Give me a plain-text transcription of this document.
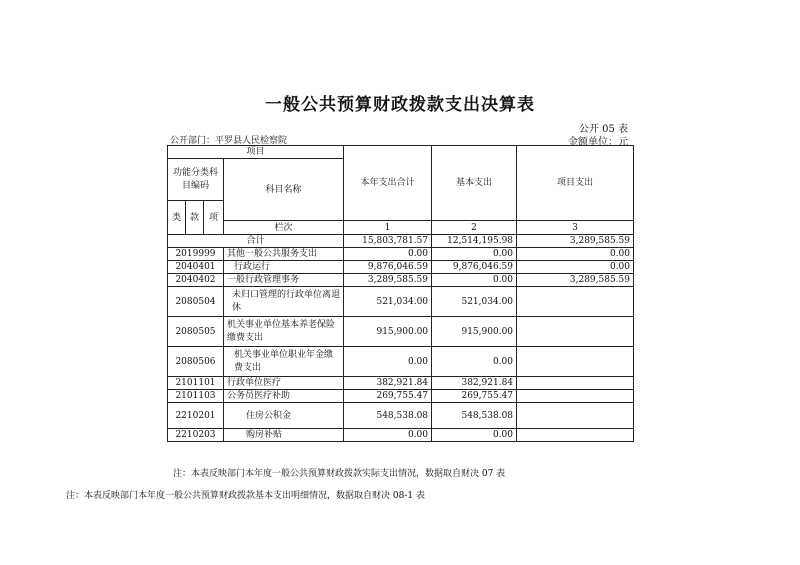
一般公共预算财政拨款支出决算表
公开 05 表
公开部门：平罗县人民检察院	金额单位：元
项目				本年支出合计	基本支出	项目支出
功能分类科目编码			科目名称			
类	款	项				
			栏次	1	2	3
合计				15,803,781.57	12,514,195.98	3,289,585.59
2019999			其他一般公共服务支出	0.00	0.00	0.00
2040401			行政运行	9,876,046.59	9,876,046.59	0.00
2040402			一般行政管理事务	3,289,585.59	0.00	3,289,585.59
2080504			未归口管理的行政单位离退休	521,034.00	521,034.00	
2080505			机关事业单位基本养老保险缴费支出	915,900.00	915,900.00	
2080506			机关事业单位职业年金缴费支出	0.00	0.00	
2101101			行政单位医疗	382,921.84	382,921.84	
2101103			公务员医疗补助	269,755.47	269,755.47	
2210201			住房公积金	548,538.08	548,538.08	
2210203			购房补贴	0.00	0.00	
注：本表反映部门本年度一般公共预算财政拨款实际支出情况，数据取自财决 07 表
注：本表反映部门本年度一般公共预算财政拨款基本支出明细情况，数据取自财决 08-1 表
